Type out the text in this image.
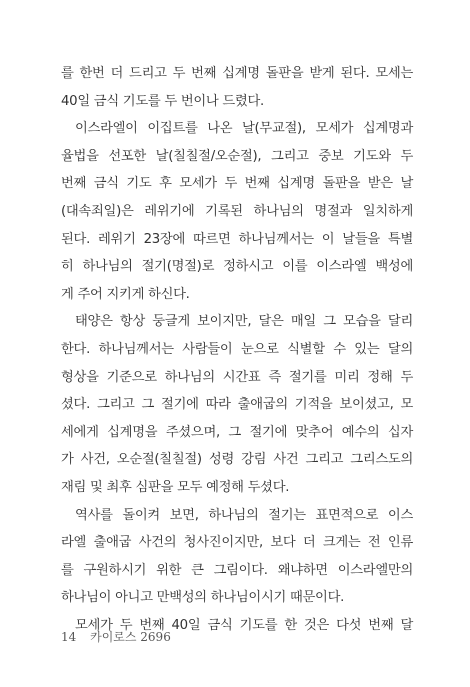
를 한번 더 드리고 두 번째 십계명 돌판을 받게 된다. 모세는
40일 금식 기도를 두 번이나 드렸다.
이스라엘이 이집트를 나온 날(무교절), 모세가 십계명과
율법을 선포한 날(칠칠절/오순절), 그리고 중보 기도와 두
번째 금식 기도 후 모세가 두 번째 십계명 돌판을 받은 날
(대속죄일)은 레위기에 기록된 하나님의 명절과 일치하게
된다. 레위기 23장에 따르면 하나님께서는 이 날들을 특별
히 하나님의 절기(명절)로 정하시고 이를 이스라엘 백성에
게 주어 지키게 하신다.
태양은 항상 둥글게 보이지만, 달은 매일 그 모습을 달리
한다. 하나님께서는 사람들이 눈으로 식별할 수 있는 달의
형상을 기준으로 하나님의 시간표 즉 절기를 미리 정해 두
셨다. 그리고 그 절기에 따라 출애굽의 기적을 보이셨고, 모
세에게 십계명을 주셨으며, 그 절기에 맞추어 예수의 십자
가 사건, 오순절(칠칠절) 성령 강림 사건 그리고 그리스도의
재림 및 최후 심판을 모두 예정해 두셨다.
역사를 돌이켜 보면, 하나님의 절기는 표면적으로 이스
라엘 출애굽 사건의 청사진이지만, 보다 더 크게는 전 인류
를 구원하시기 위한 큰 그림이다. 왜냐하면 이스라엘만의
하나님이 아니고 만백성의 하나님이시기 때문이다.
모세가 두 번째 40일 금식 기도를 한 것은 다섯 번째 달
14 카이로스 2696
